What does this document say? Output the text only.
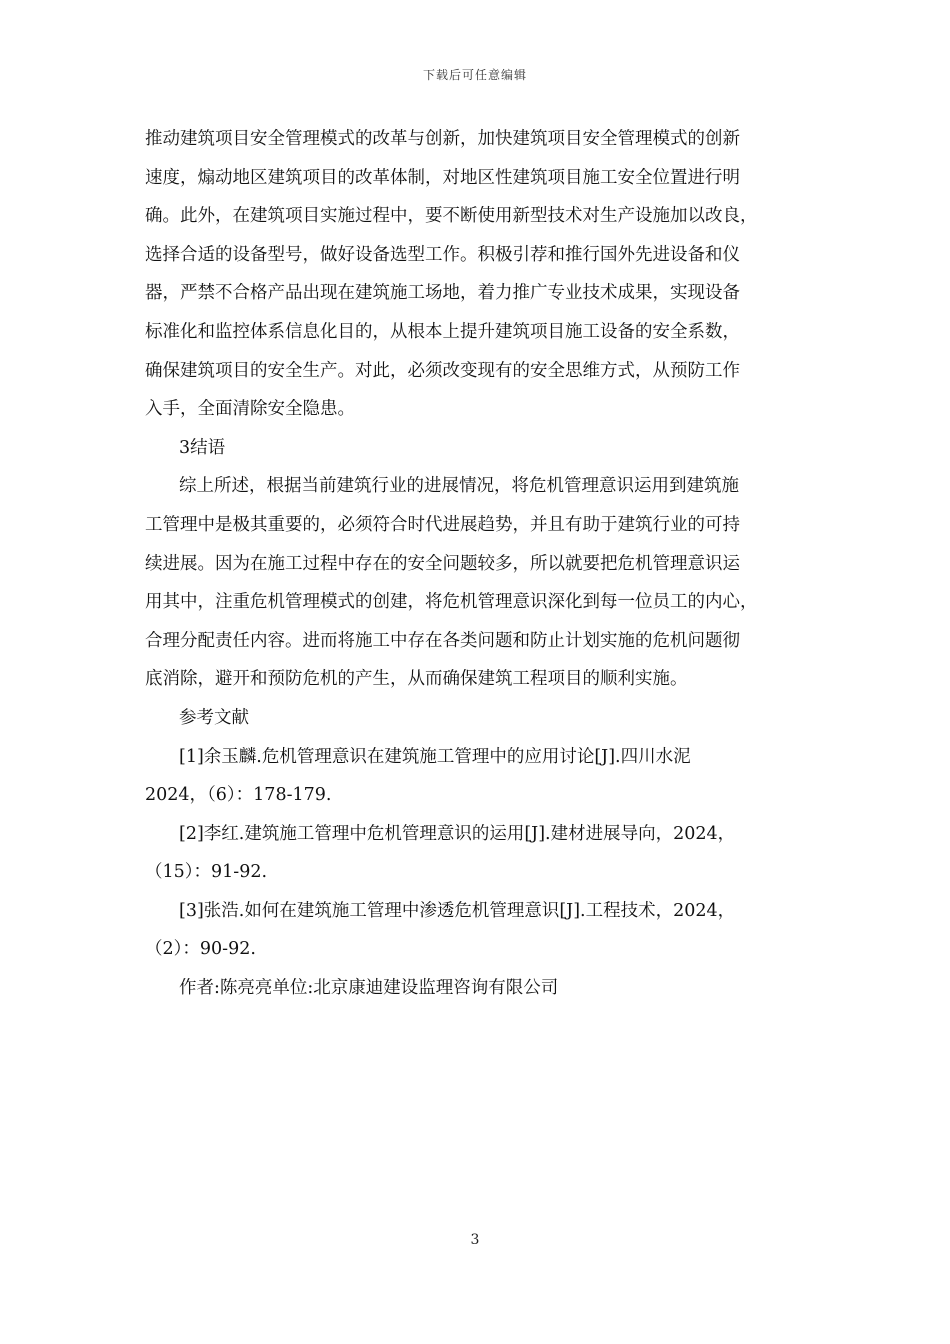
下载后可任意编辑
推动建筑项目安全管理模式的改革与创新，加快建筑项目安全管理模式的创新
速度，煽动地区建筑项目的改革体制，对地区性建筑项目施工安全位置进行明
确。此外，在建筑项目实施过程中，要不断使用新型技术对生产设施加以改良，
选择合适的设备型号，做好设备选型工作。积极引荐和推行国外先进设备和仪
器，严禁不合格产品出现在建筑施工场地，着力推广专业技术成果，实现设备
标准化和监控体系信息化目的，从根本上提升建筑项目施工设备的安全系数，
确保建筑项目的安全生产。对此，必须改变现有的安全思维方式，从预防工作
入手，全面清除安全隐患。
3结语
综上所述，根据当前建筑行业的进展情况，将危机管理意识运用到建筑施
工管理中是极其重要的，必须符合时代进展趋势，并且有助于建筑行业的可持
续进展。因为在施工过程中存在的安全问题较多，所以就要把危机管理意识运
用其中，注重危机管理模式的创建，将危机管理意识深化到每一位员工的内心，
合理分配责任内容。进而将施工中存在各类问题和防止计划实施的危机问题彻
底消除，避开和预防危机的产生，从而确保建筑工程项目的顺利实施。
参考文献
[1]余玉麟.危机管理意识在建筑施工管理中的应用讨论[J].四川水泥
2024，（6）：178-179.
[2]李红.建筑施工管理中危机管理意识的运用[J].建材进展导向，2024，
（15）：91-92.
[3]张浩.如何在建筑施工管理中渗透危机管理意识[J].工程技术，2024，
（2）：90-92.
作者:陈亮亮单位:北京康迪建设监理咨询有限公司
3
